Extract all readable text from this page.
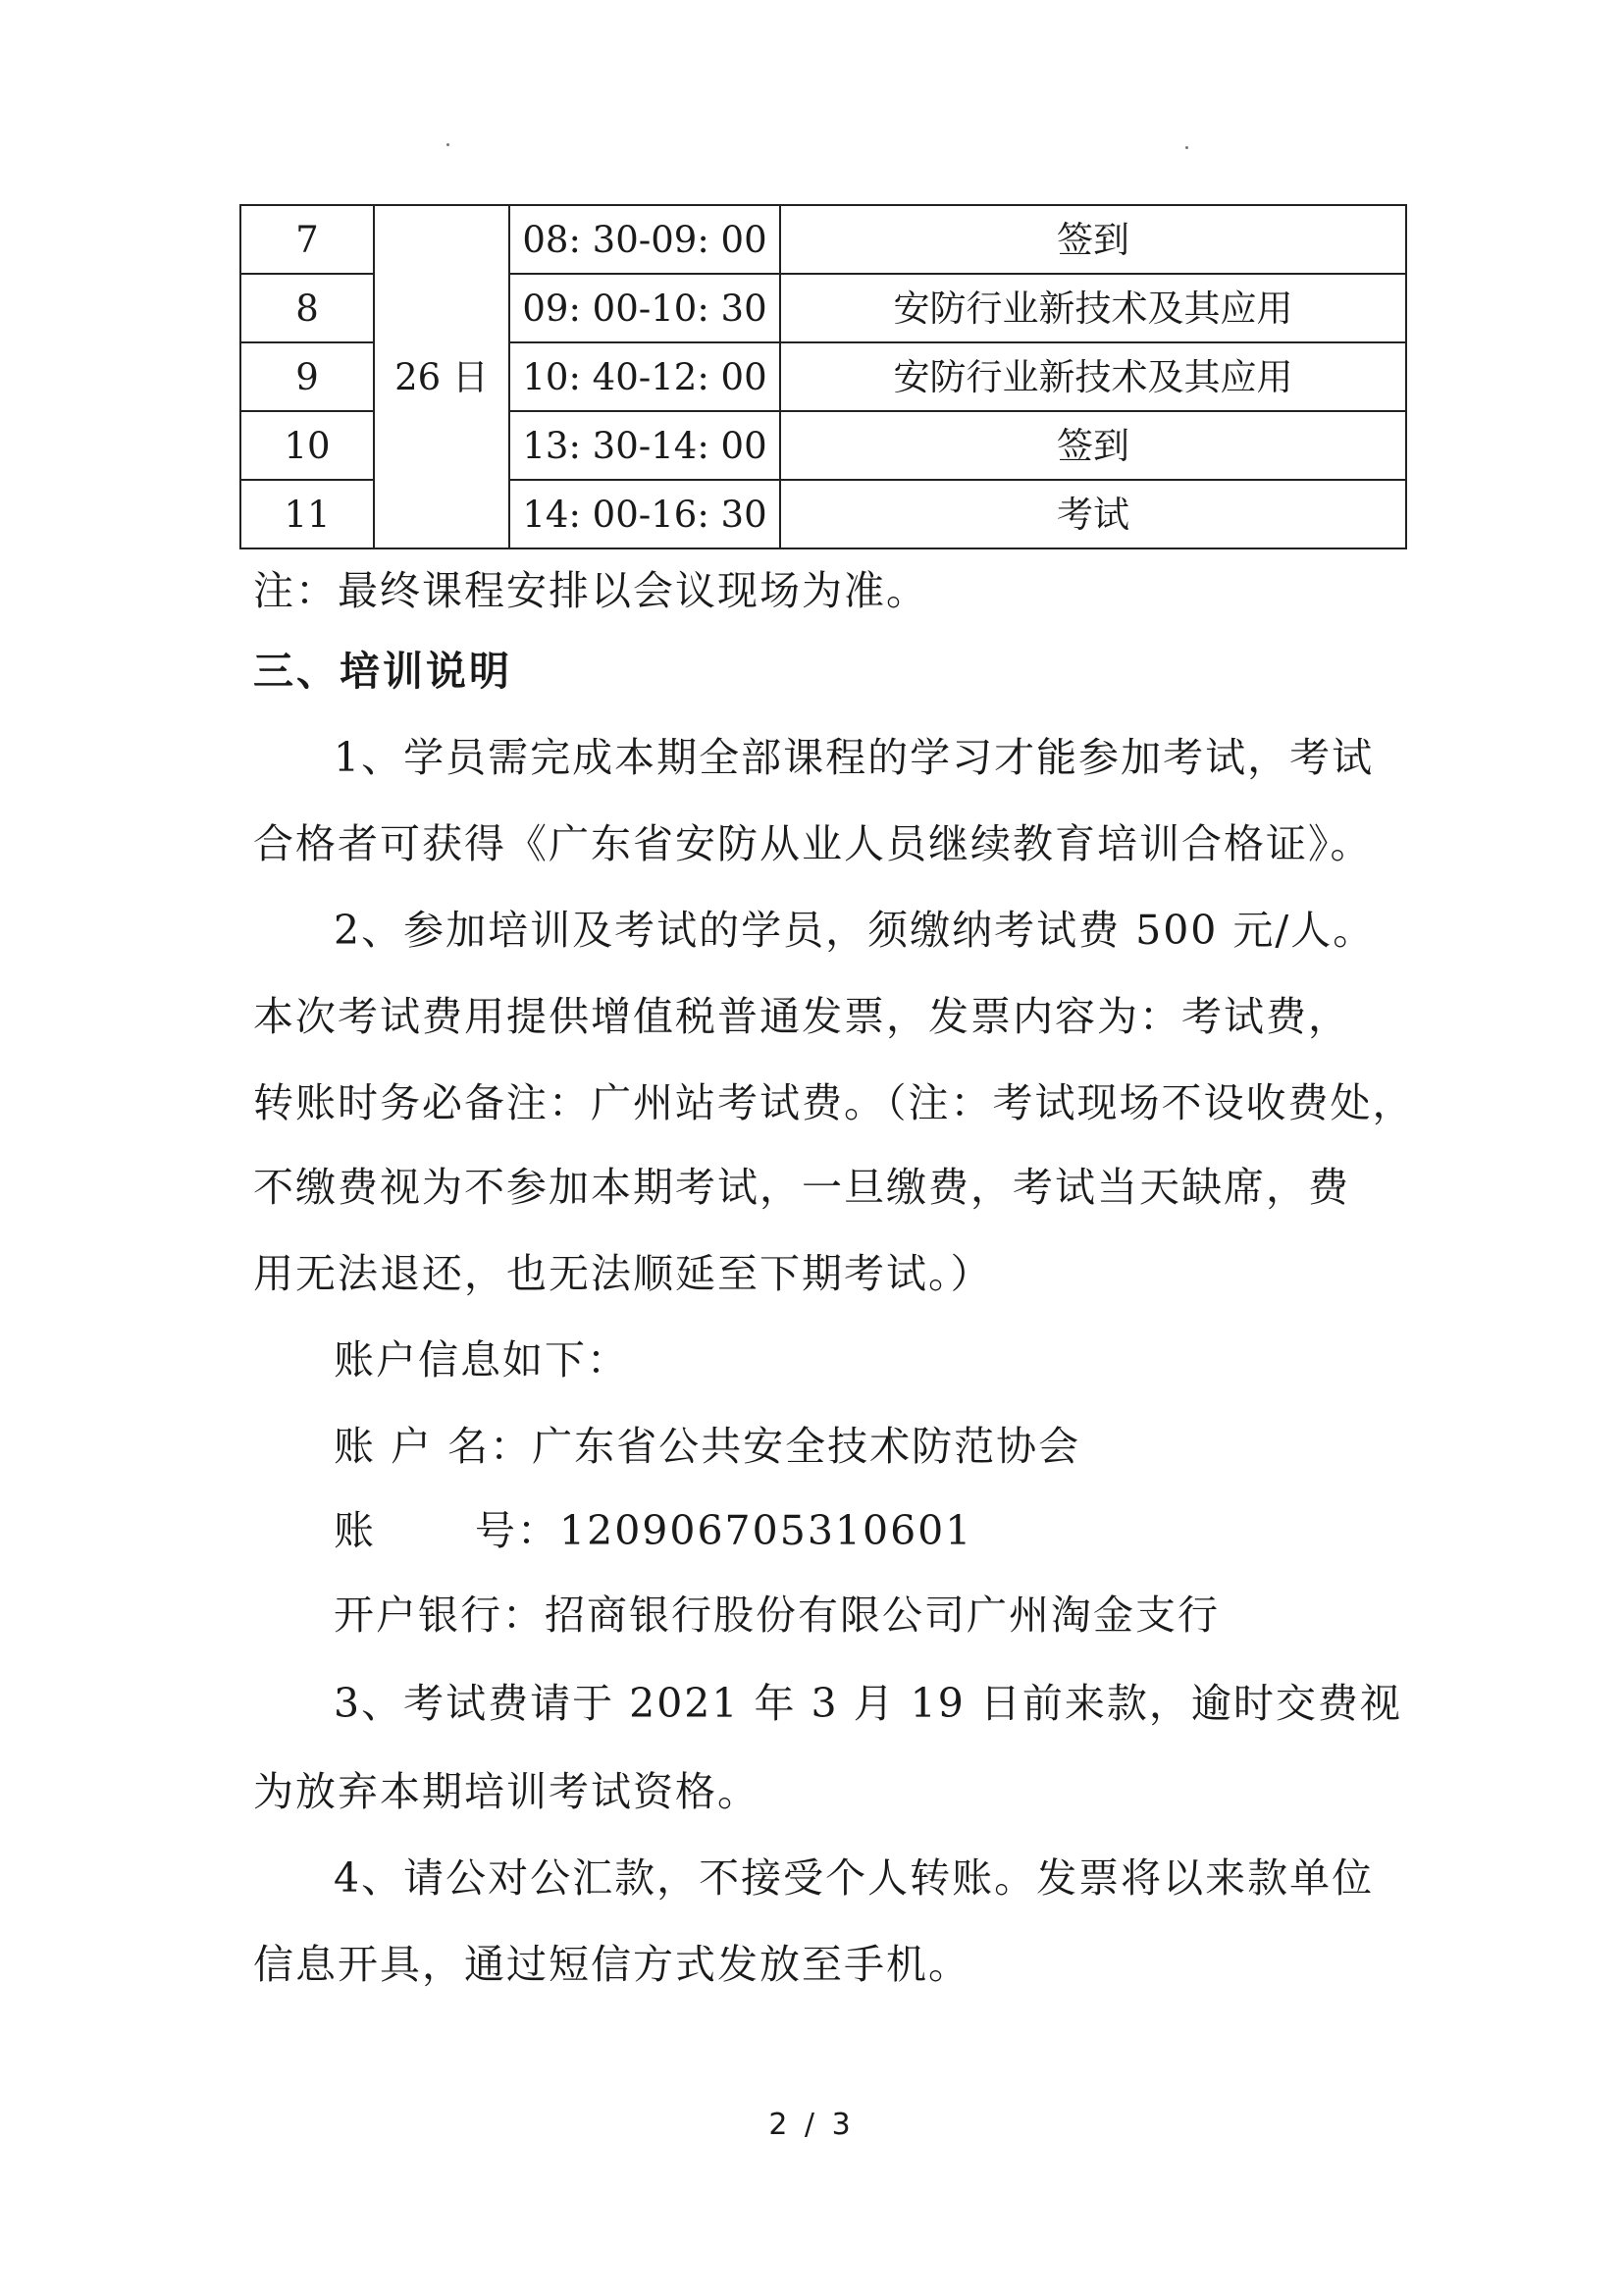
7	26 日	08: 30-09: 00	签到
8		09: 00-10: 30	安防行业新技术及其应用
9		10: 40-12: 00	安防行业新技术及其应用
10		13: 30-14: 00	签到
11		14: 00-16: 30	考试
注：最终课程安排以会议现场为准。
三、培训说明
1、学员需完成本期全部课程的学习才能参加考试，考试
合格者可获得《广东省安防从业人员继续教育培训合格证》。
2、参加培训及考试的学员，须缴纳考试费 500 元/人。
本次考试费用提供增值税普通发票，发票内容为：考试费，
转账时务必备注：广州站考试费。（注：考试现场不设收费处，
不缴费视为不参加本期考试，一旦缴费，考试当天缺席，费
用无法退还，也无法顺延至下期考试。）
账户信息如下：
账 户 名：广东省公共安全技术防范协会
账　　 号：120906705310601
开户银行：招商银行股份有限公司广州淘金支行
3、考试费请于 2021 年 3 月 19 日前来款，逾时交费视
为放弃本期培训考试资格。
4、请公对公汇款，不接受个人转账。发票将以来款单位
信息开具，通过短信方式发放至手机。
2 / 3
